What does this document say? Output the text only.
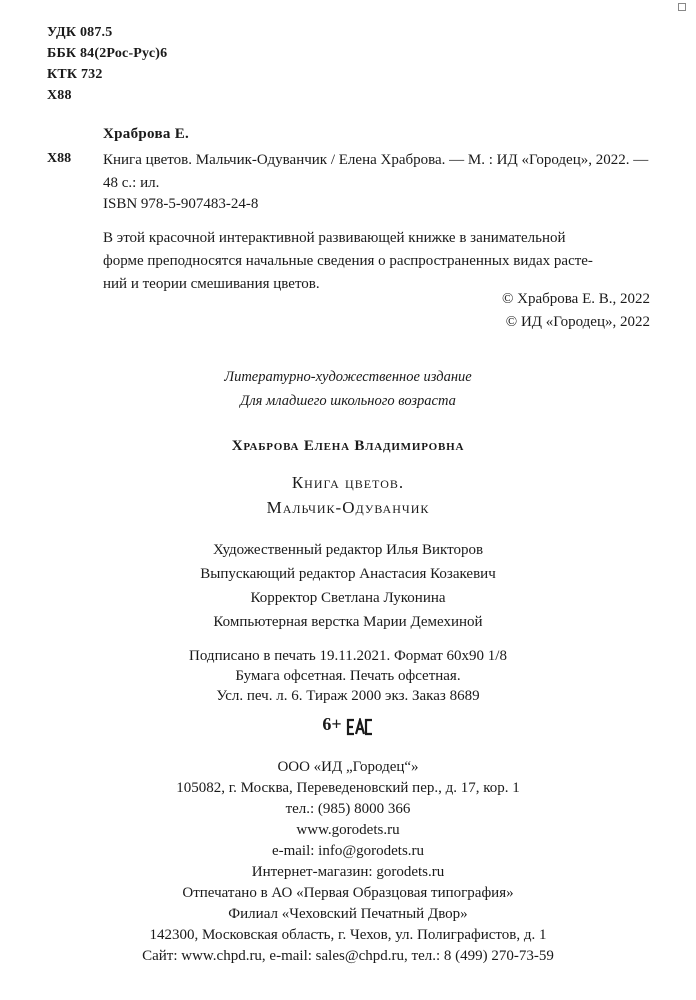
УДК 087.5
ББК 84(2Рос-Рус)6
КТК 732
Х88
Храброва Е.
Х88 Книга цветов. Мальчик-Одуванчик / Елена Храброва. — М. : ИД «Городец», 2022. — 48 с.: ил.
ISBN 978-5-907483-24-8
В этой красочной интерактивной развивающей книжке в занимательной
форме преподносятся начальные сведения о распространенных видах расте-
ний и теории смешивания цветов.
© Храброва Е. В., 2022
© ИД «Городец», 2022
Литературно-художественное издание
Для младшего школьного возраста
Храброва Елена Владимировна
Книга цветов.
Мальчик-Одуванчик
Художественный редактор Илья Викторов
Выпускающий редактор Анастасия Козакевич
Корректор Светлана Луконина
Компьютерная верстка Марии Демехиной
Подписано в печать 19.11.2021. Формат 60х90 1/8
Бумага офсетная. Печать офсетная.
Усл. печ. л. 6. Тираж 2000 экз. Заказ 8689
6+
ООО «ИД „Городец“»
105082, г. Москва, Переведеновский пер., д. 17, кор. 1
тел.: (985) 8000 366
www.gorodets.ru
e-mail: info@gorodets.ru
Интернет-магазин: gorodets.ru
Отпечатано в АО «Первая Образцовая типография»
Филиал «Чеховский Печатный Двор»
142300, Московская область, г. Чехов, ул. Полиграфистов, д. 1
Сайт: www.chpd.ru, e-mail: sales@chpd.ru, тел.: 8 (499) 270-73-59
